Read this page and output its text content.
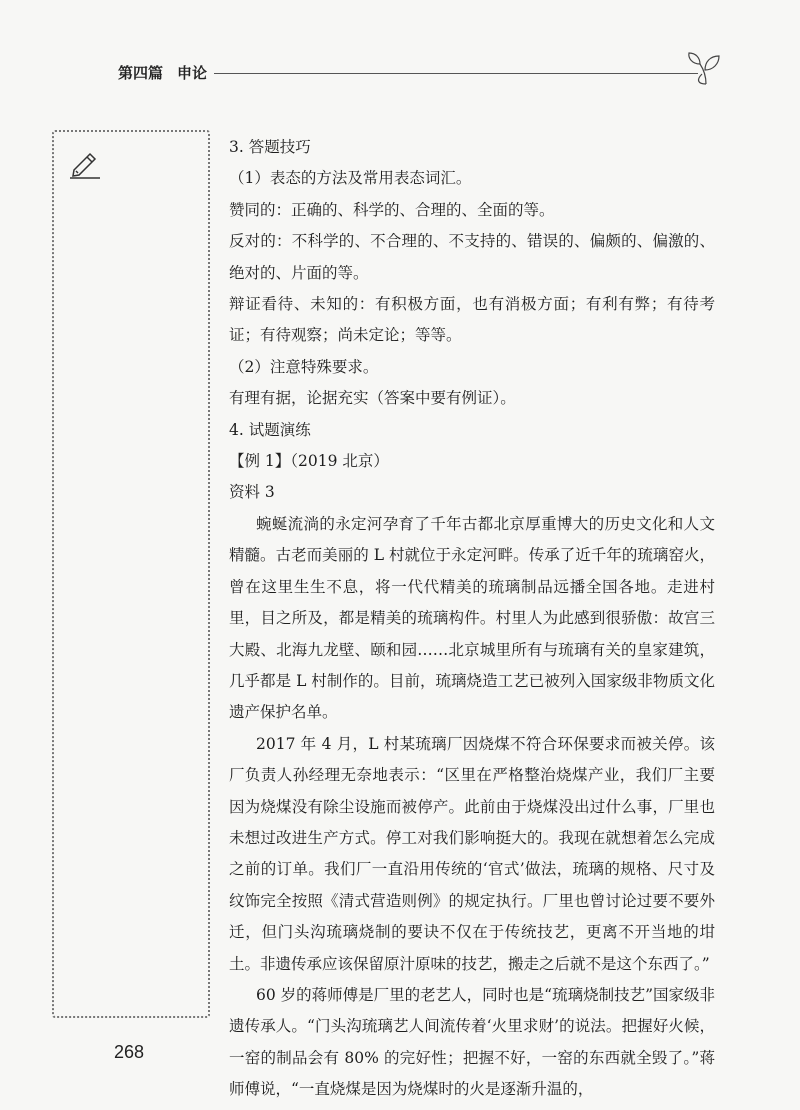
第四篇 申论

3. 答题技巧

（1）表态的方法及常用表态词汇。

赞同的：正确的、科学的、合理的、全面的等。

反对的：不科学的、不合理的、不支持的、错误的、偏颇的、偏激的、绝对的、片面的等。

辩证看待、未知的：有积极方面，也有消极方面；有利有弊；有待考证；有待观察；尚未定论；等等。

（2）注意特殊要求。

有理有据，论据充实（答案中要有例证）。

4. 试题演练

【例 1】（2019 北京）

资料 3

蜿蜒流淌的永定河孕育了千年古都北京厚重博大的历史文化和人文精髓。古老而美丽的 L 村就位于永定河畔。传承了近千年的琉璃窑火，曾在这里生生不息，将一代代精美的琉璃制品远播全国各地。走进村里，目之所及，都是精美的琉璃构件。村里人为此感到很骄傲：故宫三大殿、北海九龙壁、颐和园……北京城里所有与琉璃有关的皇家建筑，几乎都是 L 村制作的。目前，琉璃烧造工艺已被列入国家级非物质文化遗产保护名单。

2017 年 4 月，L 村某琉璃厂因烧煤不符合环保要求而被关停。该厂负责人孙经理无奈地表示：“区里在严格整治烧煤产业，我们厂主要因为烧煤没有除尘设施而被停产。此前由于烧煤没出过什么事，厂里也未想过改进生产方式。停工对我们影响挺大的。我现在就想着怎么完成之前的订单。我们厂一直沿用传统的‘官式’做法，琉璃的规格、尺寸及纹饰完全按照《清式营造则例》的规定执行。厂里也曾讨论过要不要外迁，但门头沟琉璃烧制的要诀不仅在于传统技艺，更离不开当地的坩土。非遗传承应该保留原汁原味的技艺，搬走之后就不是这个东西了。”

60 岁的蒋师傅是厂里的老艺人，同时也是“琉璃烧制技艺”国家级非遗传承人。“门头沟琉璃艺人间流传着‘火里求财’的说法。把握好火候，一窑的制品会有 80% 的完好性；把握不好，一窑的东西就全毁了。”蒋师傅说，“一直烧煤是因为烧煤时的火是逐渐升温的，

268
